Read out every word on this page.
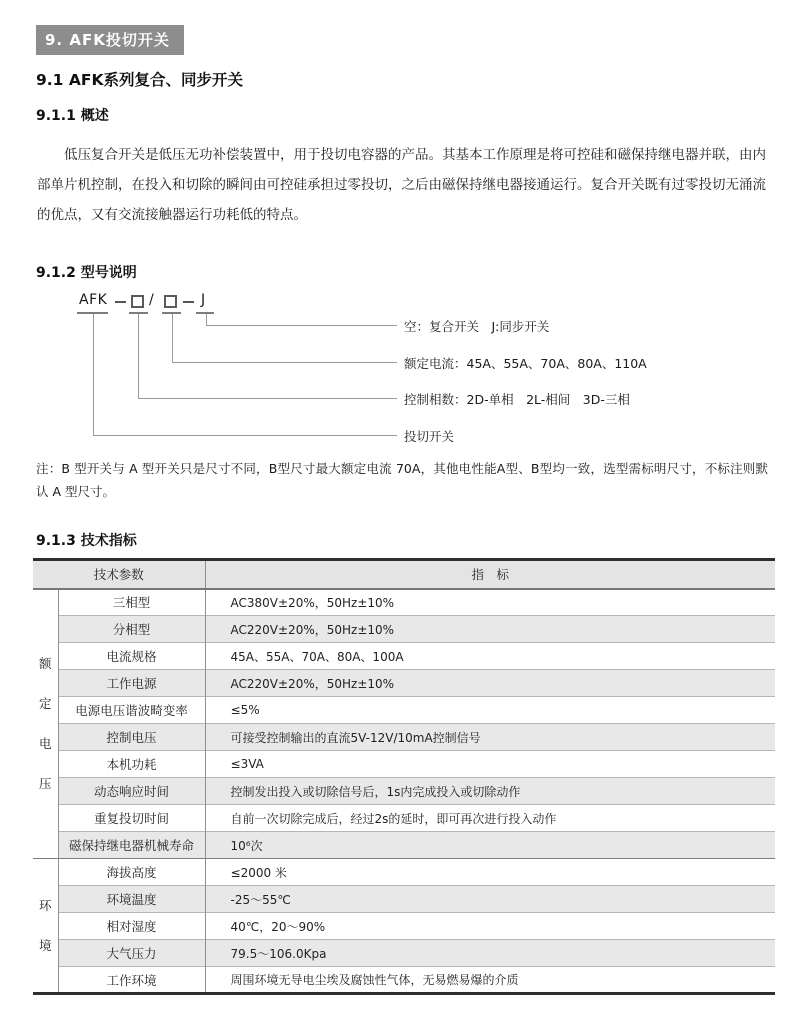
9. AFK投切开关
9.1 AFK系列复合、同步开关
9.1.1 概述

低压复合开关是低压无功补偿装置中，用于投切电容器的产品。其基本工作原理是将可控硅和磁保持继电器并联，由内部单片机控制，在投入和切除的瞬间由可控硅承担过零投切，之后由磁保持继电器接通运行。复合开关既有过零投切无涌流的优点，又有交流接触器运行功耗低的特点。

9.1.2 型号说明
AFK	/	J
空：复合开关　J:同步开关
额定电流：45A、55A、70A、80A、110A
控制相数：2D-单相　2L-相间　3D-三相
投切开关

注：B 型开关与 A 型开关只是尺寸不同，B型尺寸最大额定电流 70A，其他电性能A型、B型均一致，选型需标明尺寸，不标注则默认 A 型尺寸。

9.1.3 技术指标
技术参数		指　标
额定电压	三相型	AC380V±20%，50Hz±10%
	分相型	AC220V±20%，50Hz±10%
	电流规格	45A、55A、70A、80A、100A
	工作电源	AC220V±20%，50Hz±10%
	电源电压谐波畸变率	≤5%
	控制电压	可接受控制输出的直流5V-12V/10mA控制信号
	本机功耗	≤3VA
	动态响应时间	控制发出投入或切除信号后，1s内完成投入或切除动作
	重复投切时间	自前一次切除完成后，经过2s的延时，即可再次进行投入动作
	磁保持继电器机械寿命	10⁶次
环境	海拔高度	≤2000 米
	环境温度	-25～55℃
	相对湿度	40℃，20～90%
	大气压力	79.5～106.0Kpa
	工作环境	周围环境无导电尘埃及腐蚀性气体，无易燃易爆的介质
